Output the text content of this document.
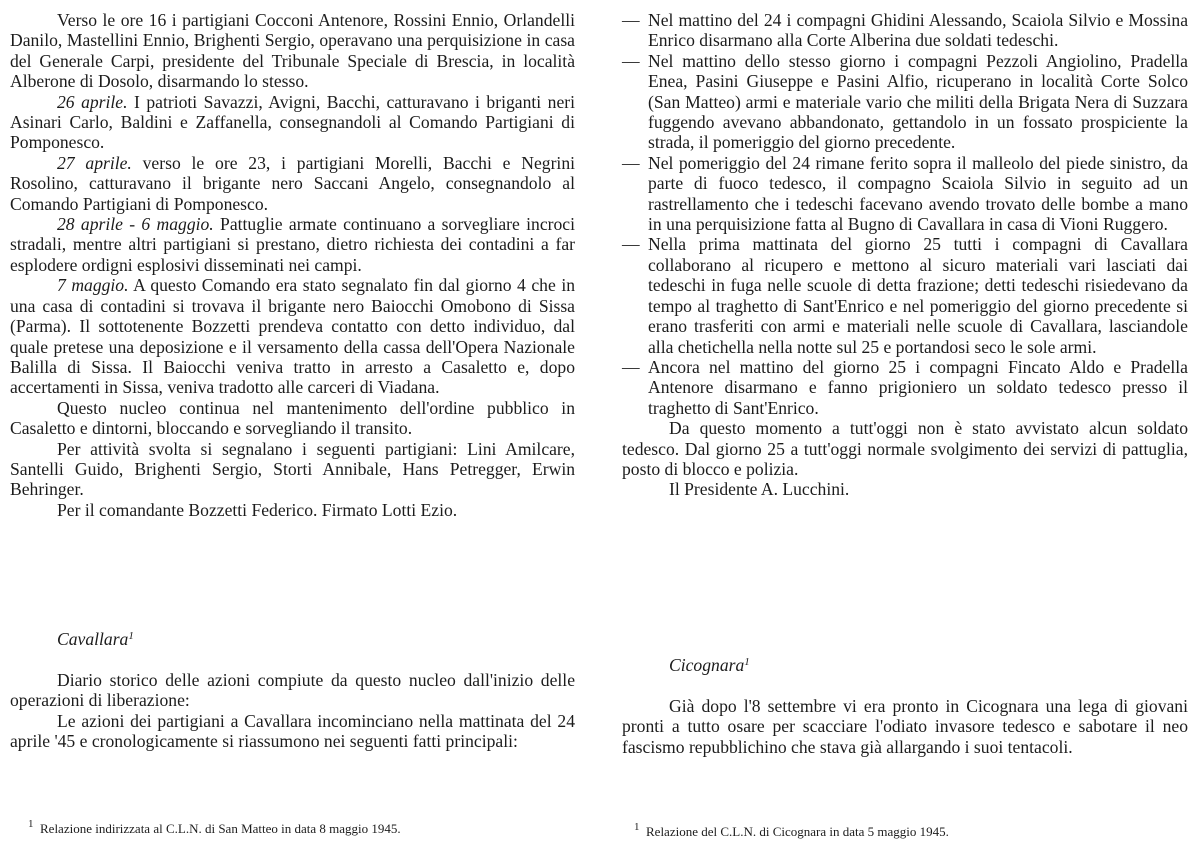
Verso le ore 16 i partigiani Cocconi Antenore, Rossini Ennio, Orlandelli Danilo, Mastellini Ennio, Brighenti Sergio, operavano una perquisizione in casa del Generale Carpi, presidente del Tribunale Speciale di Brescia, in località Alberone di Dosolo, disarmando lo stesso.

26 aprile. I patrioti Savazzi, Avigni, Bacchi, catturavano i briganti neri Asinari Carlo, Baldini e Zaffanella, consegnandoli al Comando Partigiani di Pomponesco.

27 aprile. verso le ore 23, i partigiani Morelli, Bacchi e Negrini Rosolino, catturavano il brigante nero Saccani Angelo, consegnandolo al Comando Partigiani di Pomponesco.

28 aprile - 6 maggio. Pattuglie armate continuano a sorvegliare incroci stradali, mentre altri partigiani si prestano, dietro richiesta dei contadini a far esplodere ordigni esplosivi disseminati nei campi.

7 maggio. A questo Comando era stato segnalato fin dal giorno 4 che in una casa di contadini si trovava il brigante nero Baiocchi Omobono di Sissa (Parma). Il sottotenente Bozzetti prendeva contatto con detto individuo, dal quale pretese una deposizione e il versamento della cassa dell'Opera Nazionale Balilla di Sissa. Il Baiocchi veniva tratto in arresto a Casaletto e, dopo accertamenti in Sissa, veniva tradotto alle carceri di Viadana.

Questo nucleo continua nel mantenimento dell'ordine pubblico in Casaletto e dintorni, bloccando e sorvegliando il transito.

Per attività svolta si segnalano i seguenti partigiani: Lini Amilcare, Santelli Guido, Brighenti Sergio, Storti Annibale, Hans Petregger, Erwin Behringer.

Per il comandante Bozzetti Federico. Firmato Lotti Ezio.

Cavallara$^1$

Diario storico delle azioni compiute da questo nucleo dall'inizio delle operazioni di liberazione:

Le azioni dei partigiani a Cavallara incominciano nella mattinata del 24 aprile '45 e cronologicamente si riassumono nei seguenti fatti principali:

$^1$ Relazione indirizzata al C.L.N. di San Matteo in data 8 maggio 1945.
— Nel mattino del 24 i compagni Ghidini Alessando, Scaiola Silvio e Mossina Enrico disarmano alla Corte Alberina due soldati tedeschi.
— Nel mattino dello stesso giorno i compagni Pezzoli Angiolino, Pradella Enea, Pasini Giuseppe e Pasini Alfio, ricuperano in località Corte Solco (San Matteo) armi e materiale vario che militi della Brigata Nera di Suzzara fuggendo avevano abbandonato, gettandolo in un fossato prospiciente la strada, il pomeriggio del giorno precedente.
— Nel pomeriggio del 24 rimane ferito sopra il malleolo del piede sinistro, da parte di fuoco tedesco, il compagno Scaiola Silvio in seguito ad un rastrellamento che i tedeschi facevano avendo trovato delle bombe a mano in una perquisizione fatta al Bugno di Cavallara in casa di Vioni Ruggero.
— Nella prima mattinata del giorno 25 tutti i compagni di Cavallara collaborano al ricupero e mettono al sicuro materiali vari lasciati dai tedeschi in fuga nelle scuole di detta frazione; detti tedeschi risiedevano da tempo al traghetto di Sant'Enrico e nel pomeriggio del giorno precedente si erano trasferiti con armi e materiali nelle scuole di Cavallara, lasciandole alla chetichella nella notte sul 25 e portandosi seco le sole armi.
— Ancora nel mattino del giorno 25 i compagni Fincato Aldo e Pradella Antenore disarmano e fanno prigioniero un soldato tedesco presso il traghetto di Sant'Enrico.

Da questo momento a tutt'oggi non è stato avvistato alcun soldato tedesco. Dal giorno 25 a tutt'oggi normale svolgimento dei servizi di pattuglia, posto di blocco e polizia.

Il Presidente A. Lucchini.

Cicognara$^1$

Già dopo l'8 settembre vi era pronto in Cicognara una lega di giovani pronti a tutto osare per scacciare l'odiato invasore tedesco e sabotare il neo fascismo repubblichino che stava già allargando i suoi tentacoli.

$^1$ Relazione del C.L.N. di Cicognara in data 5 maggio 1945.
